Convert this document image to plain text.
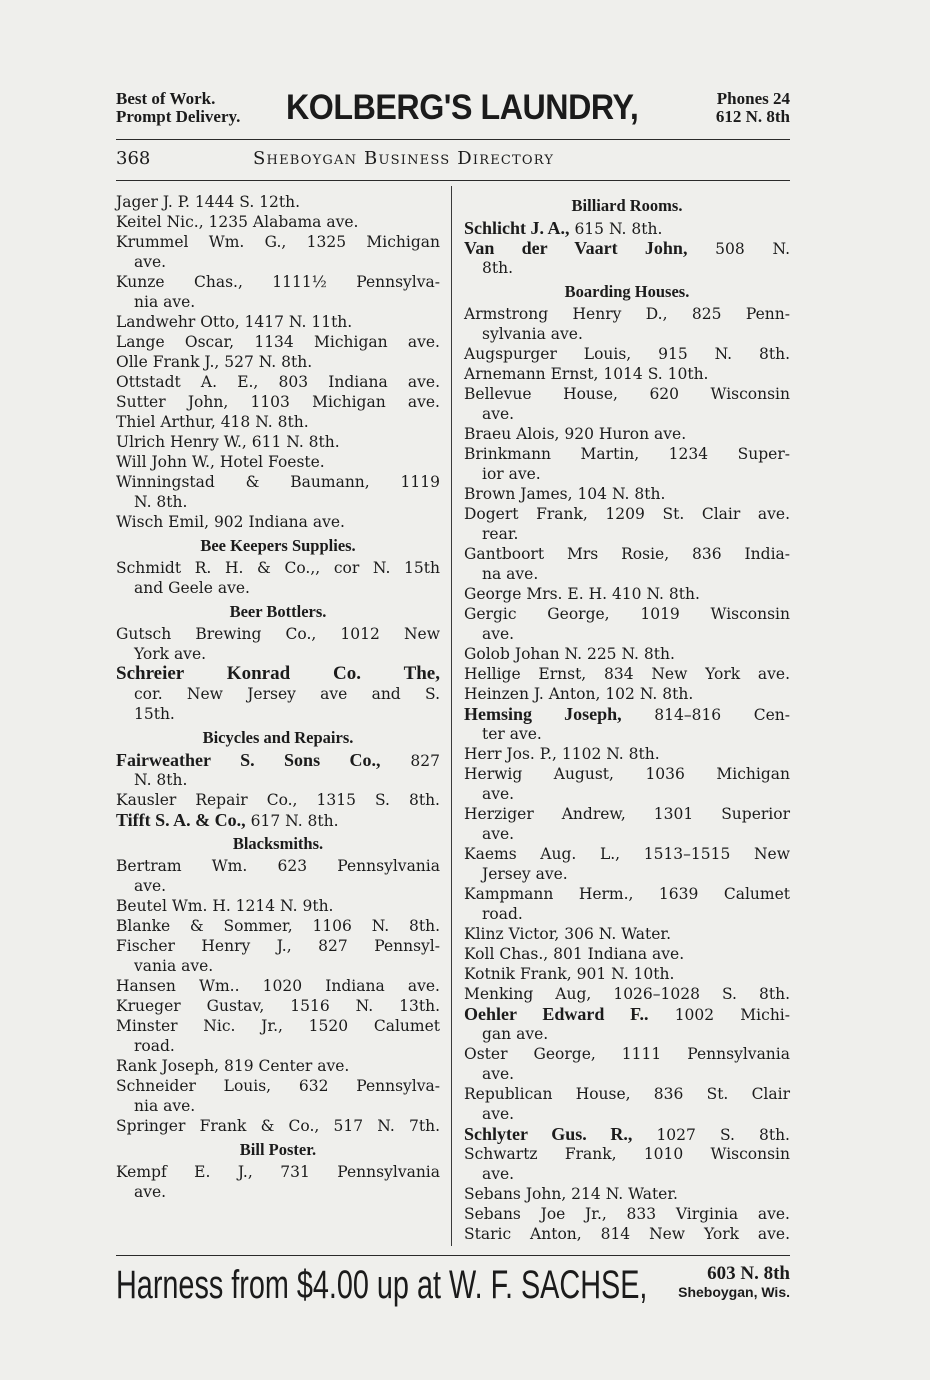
Best of Work.
Prompt Delivery. KOLBERG'S LAUNDRY,	Phones 24
612 N. 8th
368	Sheboygan Business Directory
Jager J. P. 1444 S. 12th.
Keitel Nic., 1235 Alabama ave.
Krummel Wm. G., 1325 Michigan
ave.
Kunze Chas., 1111½ Pennsylva-
nia ave.
Landwehr Otto, 1417 N. 11th.
Lange Oscar, 1134 Michigan ave.
Olle Frank J., 527 N. 8th.
Ottstadt A. E., 803 Indiana ave.
Sutter John, 1103 Michigan ave.
Thiel Arthur, 418 N. 8th.
Ulrich Henry W., 611 N. 8th.
Will John W., Hotel Foeste.
Winningstad & Baumann, 1119
N. 8th.
Wisch Emil, 902 Indiana ave.
Bee Keepers Supplies.
Schmidt R. H. & Co.,, cor N. 15th
and Geele ave.
Beer Bottlers.
Gutsch Brewing Co., 1012 New
York ave.
Schreier Konrad Co. The,
cor. New Jersey ave and S.
15th.
Bicycles and Repairs.
Fairweather S. Sons Co., 827
N. 8th.
Kausler Repair Co., 1315 S. 8th.
Tifft S. A. & Co., 617 N. 8th.
Blacksmiths.
Bertram Wm. 623 Pennsylvania
ave.
Beutel Wm. H. 1214 N. 9th.
Blanke & Sommer, 1106 N. 8th.
Fischer Henry J., 827 Pennsyl-
vania ave.
Hansen Wm.. 1020 Indiana ave.
Krueger Gustav, 1516 N. 13th.
Minster Nic. Jr., 1520 Calumet
road.
Rank Joseph, 819 Center ave.
Schneider Louis, 632 Pennsylva-
nia ave.
Springer Frank & Co., 517 N. 7th.
Bill Poster.
Kempf E. J., 731 Pennsylvania
ave.
Billiard Rooms.
Schlicht J. A., 615 N. 8th.
Van der Vaart John, 508 N.
8th.
Boarding Houses.
Armstrong Henry D., 825 Penn-
sylvania ave.
Augspurger Louis, 915 N. 8th.
Arnemann Ernst, 1014 S. 10th.
Bellevue House, 620 Wisconsin
ave.
Braeu Alois, 920 Huron ave.
Brinkmann Martin, 1234 Super-
ior ave.
Brown James, 104 N. 8th.
Dogert Frank, 1209 St. Clair ave.
rear.
Gantboort Mrs Rosie, 836 India-
na ave.
George Mrs. E. H. 410 N. 8th.
Gergic George, 1019 Wisconsin
ave.
Golob Johan N. 225 N. 8th.
Hellige Ernst, 834 New York ave.
Heinzen J. Anton, 102 N. 8th.
Hemsing Joseph, 814–816 Cen-
ter ave.
Herr Jos. P., 1102 N. 8th.
Herwig August, 1036 Michigan
ave.
Herziger Andrew, 1301 Superior
ave.
Kaems Aug. L., 1513–1515 New
Jersey ave.
Kampmann Herm., 1639 Calumet
road.
Klinz Victor, 306 N. Water.
Koll Chas., 801 Indiana ave.
Kotnik Frank, 901 N. 10th.
Menking Aug, 1026–1028 S. 8th.
Oehler Edward F.. 1002 Michi-
gan ave.
Oster George, 1111 Pennsylvania
ave.
Republican House, 836 St. Clair
ave.
Schlyter Gus. R., 1027 S. 8th.
Schwartz Frank, 1010 Wisconsin
ave.
Sebans John, 214 N. Water.
Sebans Joe Jr., 833 Virginia ave.
Staric Anton, 814 New York ave.
Harness from $4.00 up at W. F. SACHSE,	603 N. 8th
Sheboygan, Wis.
